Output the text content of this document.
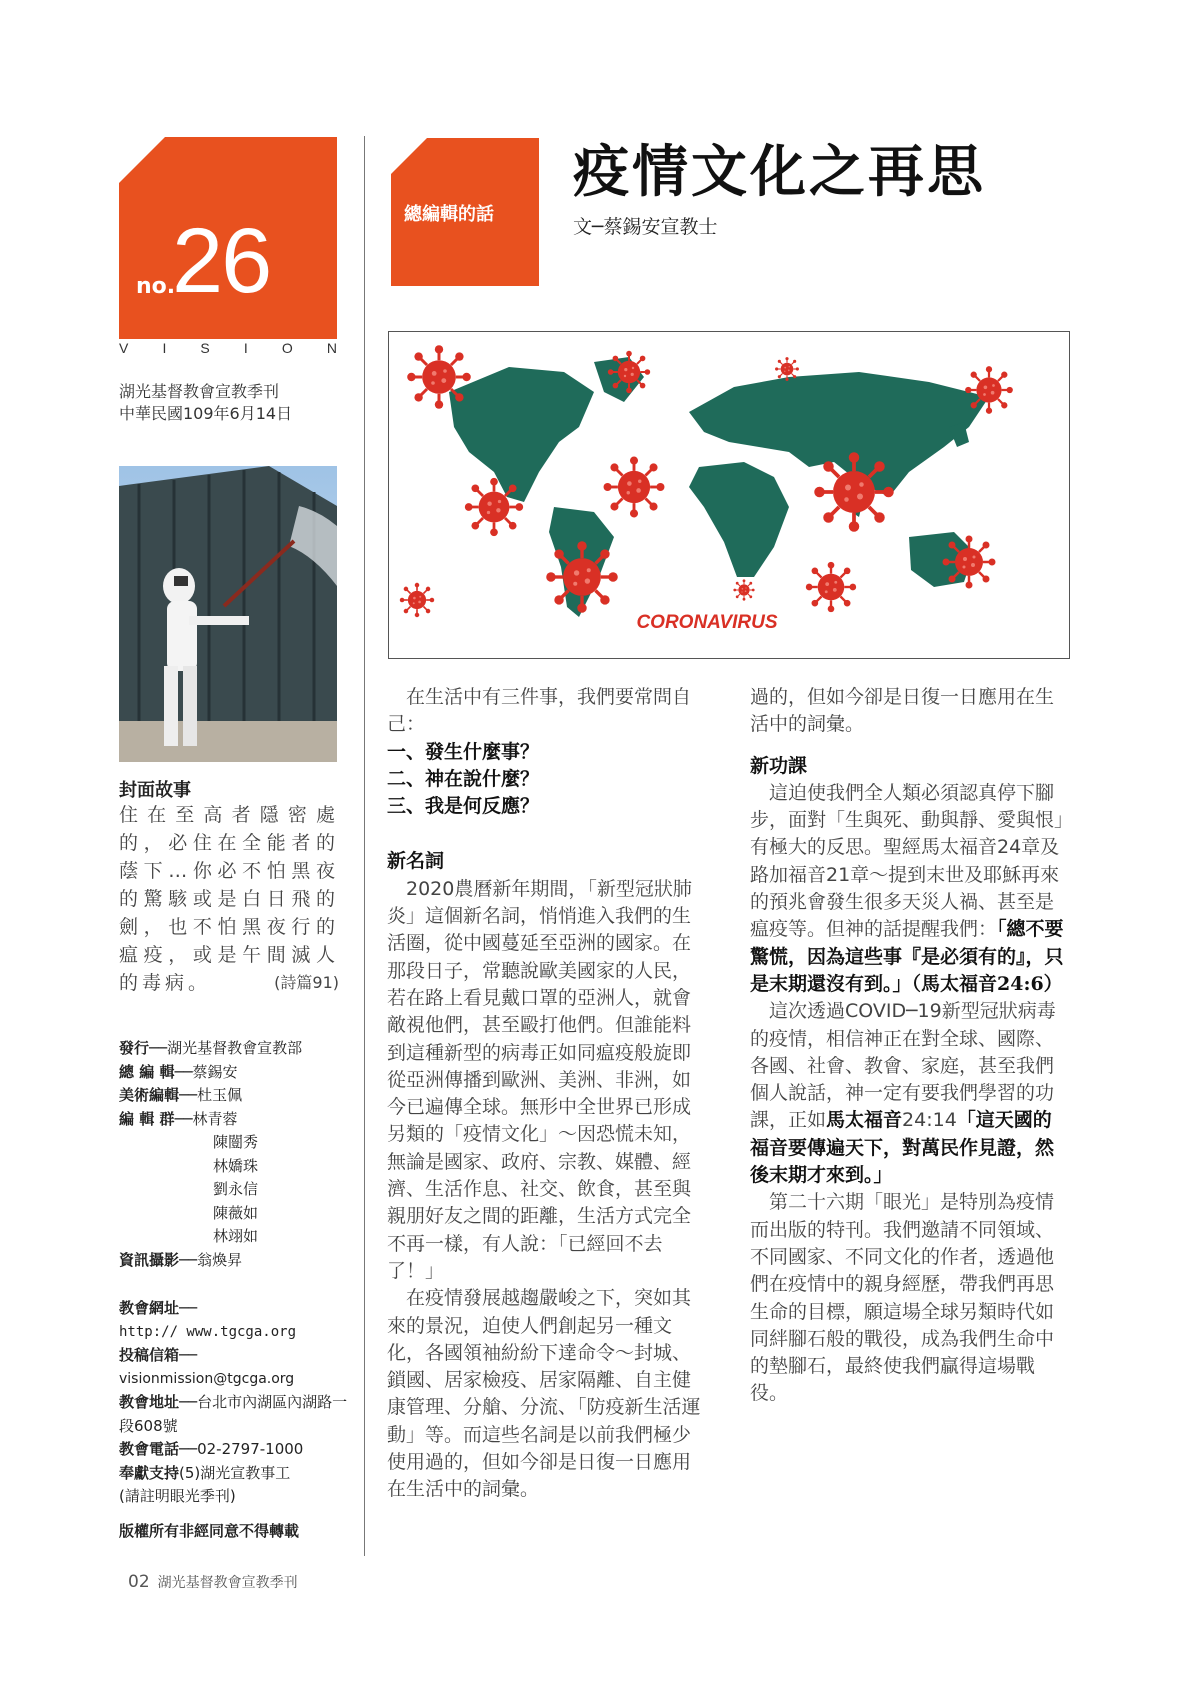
no.
26
V I S I O N
湖光基督教會宣教季刊
中華民國109年6月14日
封面故事
住在至高者隱密處的，必住在全能者的蔭下…你必不怕黑夜的驚駭或是白日飛的劍，也不怕黑夜行的瘟疫，或是午間滅人的毒病。	(詩篇91)
發行──湖光基督教會宣教部
總 編 輯──蔡錫安
美術編輯──杜玉佩
編 輯 群──林青蓉
陳闓秀
林嬌珠
劉永信
陳薇如
林翊如
資訊攝影──翁煥昇
教會網址──
http:// www.tgcga.org
投稿信箱──
visionmission@tgcga.org
教會地址──台北市內湖區內湖路一段608號
教會電話──02-2797-1000
奉獻支持(5)湖光宣教事工
(請註明眼光季刊)
版權所有非經同意不得轉載
02 湖光基督教會宣教季刊
總編輯的話
疫情文化之再思
文─蔡錫安宣教士
CORONAVIRUS

在生活中有三件事，我們要常問自己：

一、發生什麼事？

二、神在說什麼？

三、我是何反應？

新名詞

2020農曆新年期間，「新型冠狀肺炎」這個新名詞，悄悄進入我們的生活圈，從中國蔓延至亞洲的國家。在那段日子，常聽說歐美國家的人民，若在路上看見戴口罩的亞洲人，就會敵視他們，甚至毆打他們。但誰能料到這種新型的病毒正如同瘟疫般旋即從亞洲傳播到歐洲、美洲、非洲，如今已遍傳全球。無形中全世界已形成另類的「疫情文化」～因恐慌未知，無論是國家、政府、宗教、媒體、經濟、生活作息、社交、飲食，甚至與親朋好友之間的距離，生活方式完全不再一樣，有人說：「已經回不去了！」

在疫情發展越趨嚴峻之下，突如其來的景況，迫使人們創起另一種文化，各國領袖紛紛下達命令～封城、鎖國、居家檢疫、居家隔離、自主健康管理、分艙、分流、「防疫新生活運動」等。而這些名詞是以前我們極少使用過的，但如今卻是日復一日應用在生活中的詞彙。

過的，但如今卻是日復一日應用在生活中的詞彙。

新功課

這迫使我們全人類必須認真停下腳步，面對「生與死、動與靜、愛與恨」有極大的反思。聖經馬太福音24章及路加福音21章～提到末世及耶穌再來的預兆會發生很多天災人禍、甚至是瘟疫等。但神的話提醒我們：「總不要驚慌，因為這些事『是必須有的』，只是末期還沒有到。」（馬太福音24:6）

這次透過COVID─19新型冠狀病毒的疫情，相信神正在對全球、國際、各國、社會、教會、家庭，甚至我們個人說話，神一定有要我們學習的功課，正如馬太福音24:14「這天國的福音要傳遍天下，對萬民作見證，然後末期才來到。」

第二十六期「眼光」是特別為疫情而出版的特刊。我們邀請不同領域、不同國家、不同文化的作者，透過他們在疫情中的親身經歷，帶我們再思生命的目標，願這場全球另類時代如同絆腳石般的戰役，成為我們生命中的墊腳石，最終使我們贏得這場戰役。
